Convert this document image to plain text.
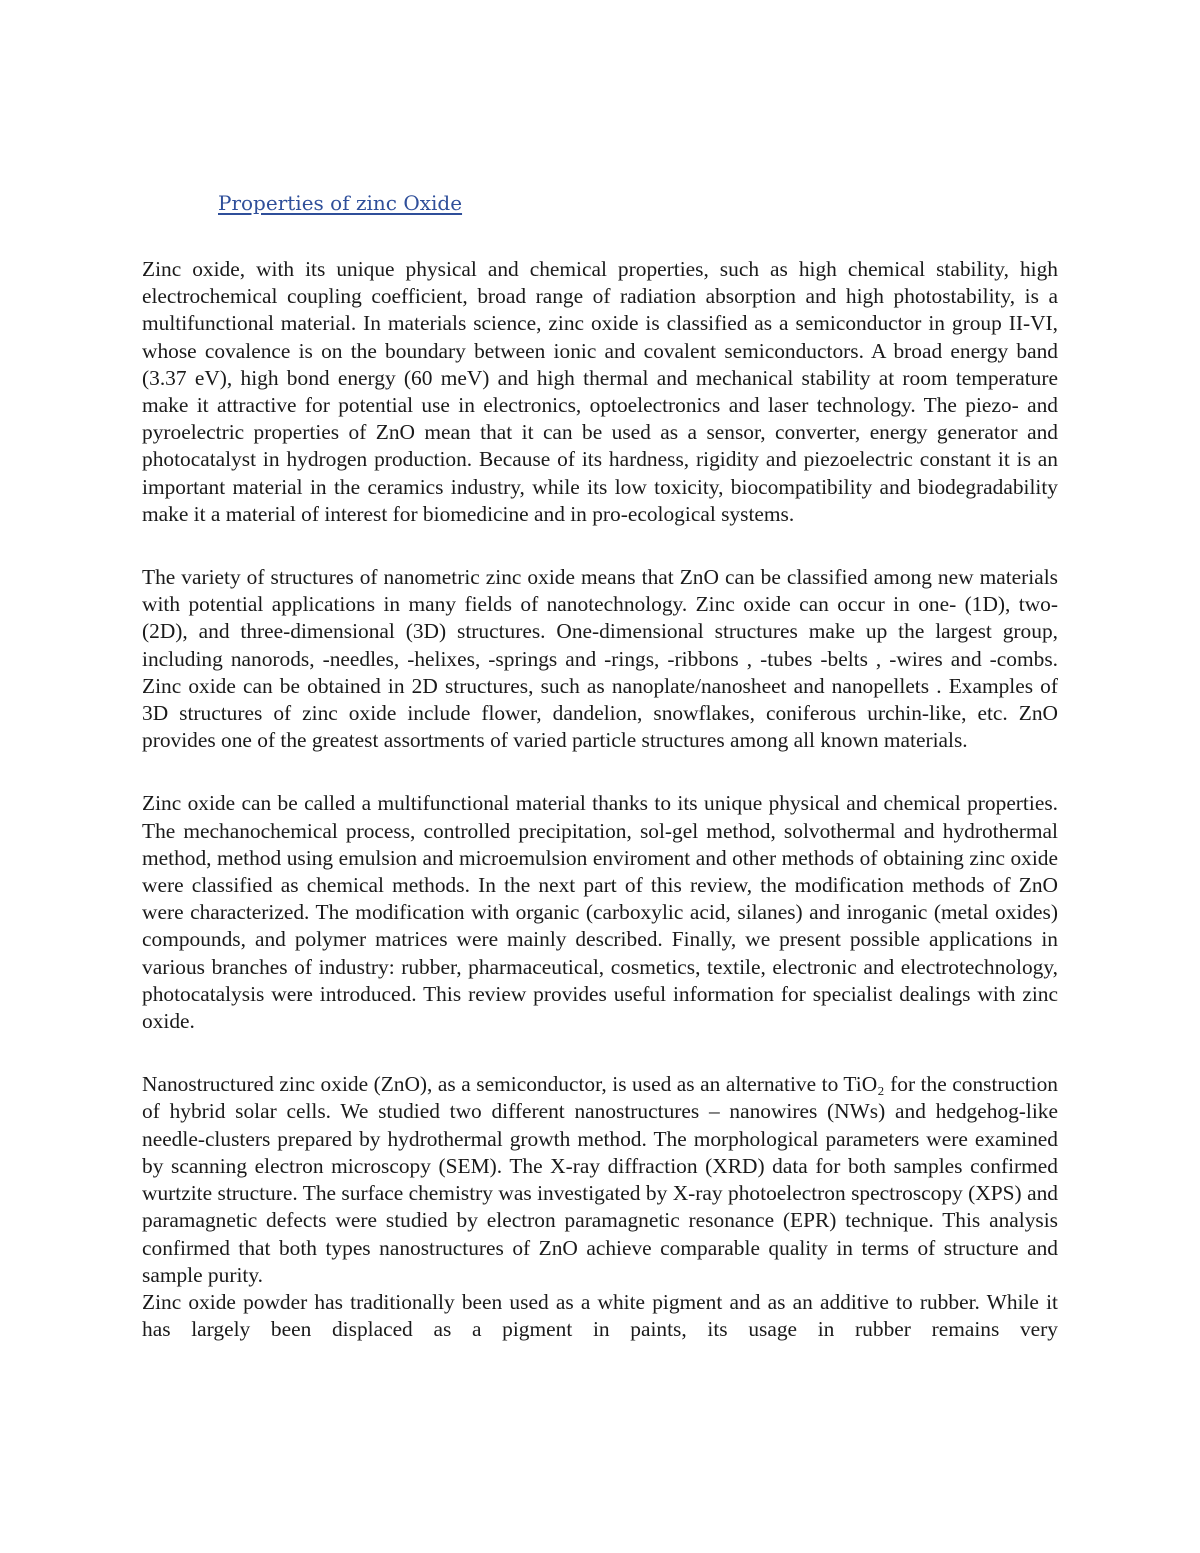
Properties of zinc Oxide

Zinc oxide, with its unique physical and chemical properties, such as high chemical stability, high electrochemical coupling coefficient, broad range of radiation absorption and high photostability, is a multifunctional material. In materials science, zinc oxide is classified as a semiconductor in group II-VI, whose covalence is on the boundary between ionic and covalent semiconductors. A broad energy band (3.37 eV), high bond energy (60 meV) and high thermal and mechanical stability at room temperature make it attractive for potential use in electronics, optoelectronics and laser technology. The piezo- and pyroelectric properties of ZnO mean that it can be used as a sensor, converter, energy generator and photocatalyst in hydrogen production. Because of its hardness, rigidity and piezoelectric constant it is an important material in the ceramics industry, while its low toxicity, biocompatibility and biodegradability make it a material of interest for biomedicine and in pro-ecological systems.

The variety of structures of nanometric zinc oxide means that ZnO can be classified among new materials with potential applications in many fields of nanotechnology. Zinc oxide can occur in one- (1D), two- (2D), and three-dimensional (3D) structures. One-dimensional structures make up the largest group, including nanorods, -needles, -helixes, -springs and -rings, -ribbons , -tubes -belts , -wires and -combs. Zinc oxide can be obtained in 2D structures, such as nanoplate/nanosheet and nanopellets . Examples of 3D structures of zinc oxide include flower, dandelion, snowflakes, coniferous urchin-like, etc. ZnO provides one of the greatest assortments of varied particle structures among all known materials.

Zinc oxide can be called a multifunctional material thanks to its unique physical and chemical properties. The mechanochemical process, controlled precipitation, sol-gel method, solvothermal and hydrothermal method, method using emulsion and microemulsion enviroment and other methods of obtaining zinc oxide were classified as chemical methods. In the next part of this review, the modification methods of ZnO were characterized. The modification with organic (carboxylic acid, silanes) and inroganic (metal oxides) compounds, and polymer matrices were mainly described. Finally, we present possible applications in various branches of industry: rubber, pharmaceutical, cosmetics, textile, electronic and electrotechnology, photocatalysis were introduced. This review provides useful information for specialist dealings with zinc oxide.

Nanostructured zinc oxide (ZnO), as a semiconductor, is used as an alternative to TiO₂ for the construction of hybrid solar cells. We studied two different nanostructures – nanowires (NWs) and hedgehog-like needle-clusters prepared by hydrothermal growth method. The morphological parameters were examined by scanning electron microscopy (SEM). The X-ray diffraction (XRD) data for both samples confirmed wurtzite structure. The surface chemistry was investigated by X-ray photoelectron spectroscopy (XPS) and paramagnetic defects were studied by electron paramagnetic resonance (EPR) technique. This analysis confirmed that both types nanostructures of ZnO achieve comparable quality in terms of structure and sample purity.

Zinc oxide powder has traditionally been used as a white pigment and as an additive to rubber. While it has largely been displaced as a pigment in paints, its usage in rubber remains very
